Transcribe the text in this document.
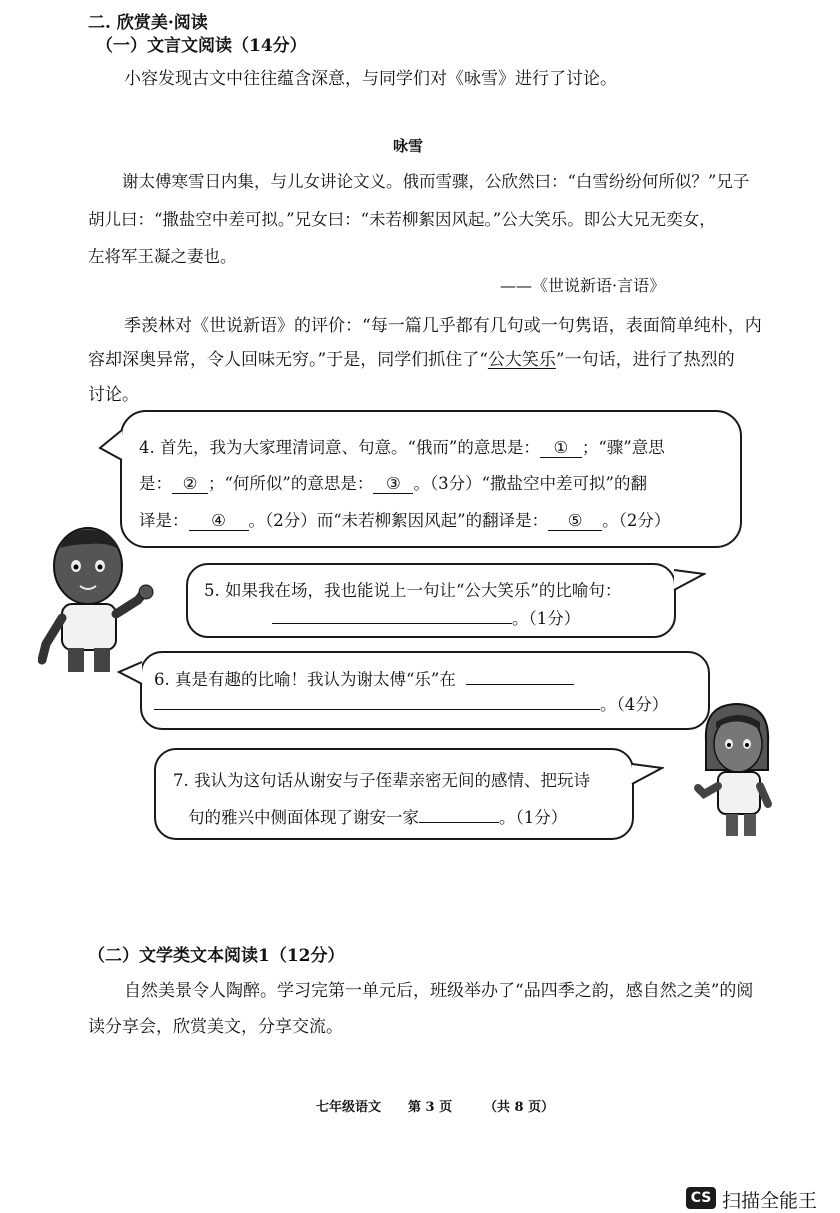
二. 欣赏美·阅读
（一）文言文阅读（14分）
小容发现古文中往往蕴含深意，与同学们对《咏雪》进行了讨论。
咏雪
谢太傅寒雪日内集，与儿女讲论文义。俄而雪骤，公欣然曰：“白雪纷纷何所似？”兄子
胡儿曰：“撒盐空中差可拟。”兄女曰：“未若柳絮因风起。”公大笑乐。即公大兄无奕女，
左将军王凝之妻也。
——《世说新语·言语》
季羡林对《世说新语》的评价：“每一篇几乎都有几句或一句隽语，表面简单纯朴，内
容却深奥异常，令人回味无穷。”于是，同学们抓住了“公大笑乐”一句话，进行了热烈的
讨论。

4. 首先，我为大家理清词意、句意。“俄而”的意思是： ① ；“骤”意思

是： ② ；“何所似”的意思是： ③ 。（3分）“撒盐空中差可拟”的翻

译是： ④ 。（2分）而“未若柳絮因风起”的翻译是： ⑤ 。（2分）

5. 如果我在场，我也能说上一句让“公大笑乐”的比喻句：

。（1分）

6. 真是有趣的比喻！我认为谢太傅“乐”在

。（4分）

7. 我认为这句话从谢安与子侄辈亲密无间的感情、把玩诗

句的雅兴中侧面体现了谢安一家	。（1分）

（二）文学类文本阅读1（12分）
自然美景令人陶醉。学习完第一单元后，班级举办了“品四季之韵，感自然之美”的阅
读分享会，欣赏美文，分享交流。
七年级语文 第 3 页 （共 8 页）
CS 扫描全能王
